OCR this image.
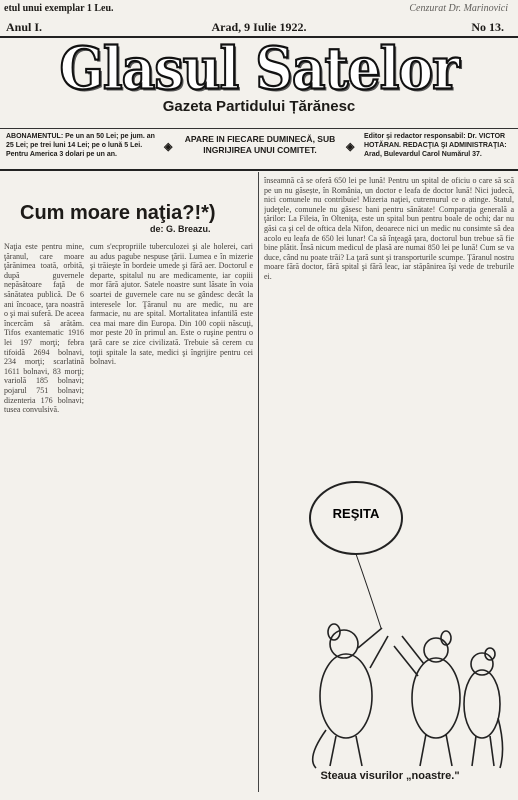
etul unui exemplar 1 Leu.	Cenzurat Dr. Marinovici
Anul I.	Arad, 9 Iulie 1922.	No 13.
Glasul Satelor
Gazeta Partidului Țărănesc
ABONAMENTUL: Pe un an 50 Lei; pe jum. an 25 Lei; pe trei luni 14 Lei; pe o lună 5 Lei. Pentru America 3 dolari pe un an.
◈
APARE IN FIECARE DUMINECĂ, SUB INGRIJIREA UNUI COMITET.	◈
Editor şi redactor responsabil: Dr. VICTOR HOTĂRAN. REDACŢIA ŞI ADMINISTRAŢIA: Arad, Bulevardul Carol Numărul 37.
Cum moare naţia?!*)
de: G. Breazu.
Naţia este pentru mine, ţăranul, care moare ţărănimea toată, orbită, după guvernele nepăsătoare faţă de sănătatea publică. De 6 ani încoace, ţara noastră o şi mai suferă. De aceea încercăm să arătăm. Tifos exantematic 1916 lei 197 morţi; febra tifoidă 2694 bolnavi, 234 morţi; scarlatină 1611 bolnavi, 83 morţi; variolă 185 bolnavi; pojarul 751 bolnavi; dizenteria 176 bolnavi; tusea convulsivă.
cum s'ecpropriile tuberculozei şi ale holerei, cari au adus pagube nespuse ţării. Lumea e în mizerie şi trăieşte în bordeie umede şi fără aer. Doctorul e departe, spitalul nu are medicamente, iar copiii mor fără ajutor. Satele noastre sunt lăsate în voia soartei de guvernele care nu se gândesc decât la interesele lor. Ţăranul nu are medic, nu are farmacie, nu are spital. Mortalitatea infantilă este cea mai mare din Europa. Din 100 copii născuţi, mor peste 20 în primul an. Este o ruşine pentru o ţară care se zice civilizată. Trebuie să cerem cu toţii spitale la sate, medici şi îngrijire pentru cei bolnavi.
înseamnă că se oferă 650 lei pe lună! Pentru un spital de oficiu o care să scă pe un nu găsește, în România, un doctor e leafa de doctor lună! Nici judecă, nici comunele nu contribuie! Mizeria naţiei, cutremurul ce o atinge. Statul, judeţele, comunele nu găsesc bani pentru sănătate! Comparaţia generală a ţărilor: La Fileia, în Olteniţa, este un spital bun pentru boale de ochi; dar nu găsi ca şi cel de oftica dela Nifon, deoarece nici un medic nu consimte să dea acolo eu leafa de 650 lei lunar! Ca să înţeagă ţara, doctorul bun trebue să fie bine plătit. Însă nicum medicul de plasă are numai 850 lei pe lună! Cum se va duce, când nu poate trăi? La ţară sunt şi transporturile scumpe. Ţăranul nostru moare fără doctor, fără spital şi fără leac, iar stăpânirea îşi vede de treburile ei.
REŞITA
Steaua visurilor „noastre."
